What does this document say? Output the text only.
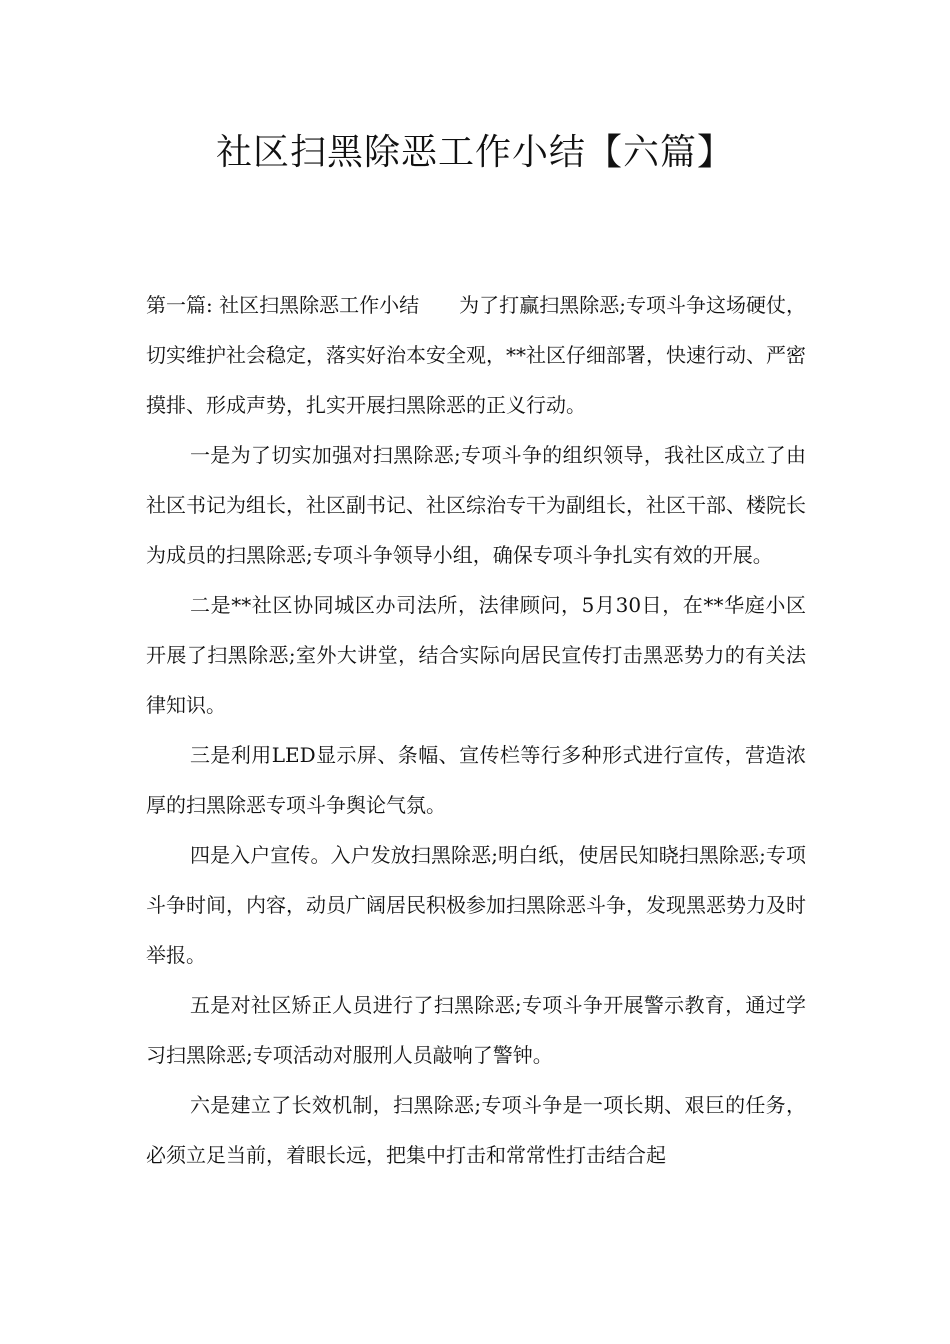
社区扫黑除恶工作小结【六篇】

第一篇: 社区扫黑除恶工作小结 为了打赢扫黑除恶;专项斗争这场硬仗，切实维护社会稳定，落实好治本安全观，**社区仔细部署，快速行动、严密摸排、形成声势，扎实开展扫黑除恶的正义行动。

一是为了切实加强对扫黑除恶;专项斗争的组织领导，我社区成立了由社区书记为组长，社区副书记、社区综治专干为副组长，社区干部、楼院长为成员的扫黑除恶;专项斗争领导小组，确保专项斗争扎实有效的开展。

二是**社区协同城区办司法所，法律顾问，5月30日，在**华庭小区开展了扫黑除恶;室外大讲堂，结合实际向居民宣传打击黑恶势力的有关法律知识。

三是利用LED显示屏、条幅、宣传栏等行多种形式进行宣传，营造浓厚的扫黑除恶专项斗争舆论气氛。

四是入户宣传。入户发放扫黑除恶;明白纸，使居民知晓扫黑除恶;专项斗争时间，内容，动员广阔居民积极参加扫黑除恶斗争，发现黑恶势力及时举报。

五是对社区矫正人员进行了扫黑除恶;专项斗争开展警示教育，通过学习扫黑除恶;专项活动对服刑人员敲响了警钟。

六是建立了长效机制，扫黑除恶;专项斗争是一项长期、艰巨的任务，必须立足当前，着眼长远，把集中打击和常常性打击结合起
